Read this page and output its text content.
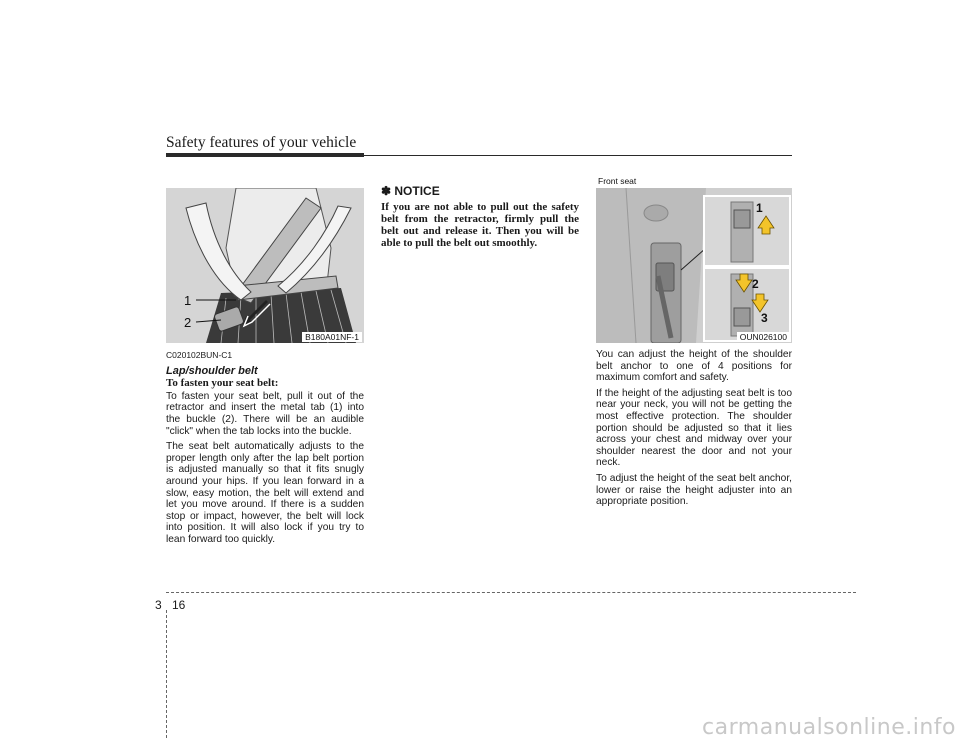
Safety features of your vehicle
1
2
B180A01NF-1

C020102BUN-C1

Lap/shoulder belt

To fasten your seat belt:

To fasten your seat belt, pull it out of the retractor and insert the metal tab (1) into the buckle (2). There will be an audible "click" when the tab locks into the buckle.

The seat belt automatically adjusts to the proper length only after the lap belt portion is adjusted manually so that it fits snugly around your hips. If you lean forward in a slow, easy motion, the belt will extend and let you move around. If there is a sudden stop or impact, however, the belt will lock into position. It will also lock if you try to lean forward too quickly.

✽ NOTICE

If you are not able to pull out the safety belt from the retractor, firmly pull the belt out and release it. Then you will be able to pull the belt out smoothly.

Front seat
1
2
3
OUN026100

You can adjust the height of the shoulder belt anchor to one of 4 positions for maximum comfort and safety.

If the height of the adjusting seat belt is too near your neck, you will not be getting the most effective protection. The shoulder portion should be adjusted so that it lies across your chest and midway over your shoulder nearest the door and not your neck.

To adjust the height of the seat belt anchor, lower or raise the height adjuster into an appropriate position.

3 16
carmanualsonline.info
